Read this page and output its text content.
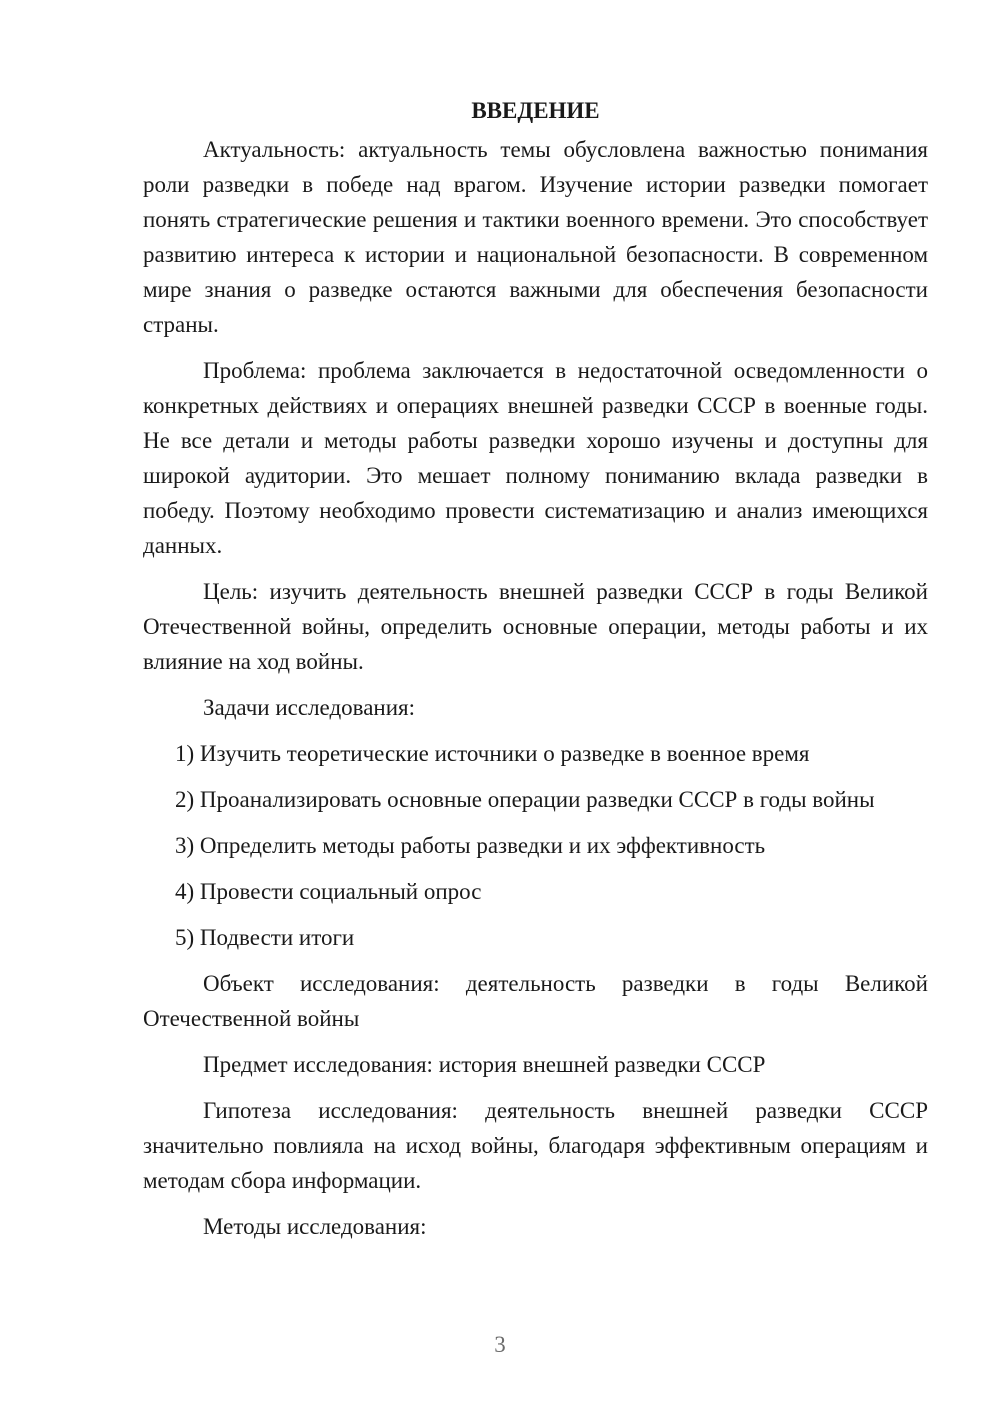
ВВЕДЕНИЕ

Актуальность: актуальность темы обусловлена важностью понимания роли разведки в победе над врагом. Изучение истории разведки помогает понять стратегические решения и тактики военного времени. Это способствует развитию интереса к истории и национальной безопасности. В современном мире знания о разведке остаются важными для обеспечения безопасности страны.

Проблема: проблема заключается в недостаточной осведомленности о конкретных действиях и операциях внешней разведки СССР в военные годы. Не все детали и методы работы разведки хорошо изучены и доступны для широкой аудитории. Это мешает полному пониманию вклада разведки в победу. Поэтому необходимо провести систематизацию и анализ имеющихся данных.

Цель: изучить деятельность внешней разведки СССР в годы Великой Отечественной войны, определить основные операции, методы работы и их влияние на ход войны.

Задачи исследования:

1) Изучить теоретические источники о разведке в военное время

2) Проанализировать основные операции разведки СССР в годы войны

3) Определить методы работы разведки и их эффективность

4) Провести социальный опрос

5) Подвести итоги

Объект исследования: деятельность разведки в годы Великой Отечественной войны

Предмет исследования: история внешней разведки СССР

Гипотеза исследования: деятельность внешней разведки СССР значительно повлияла на исход войны, благодаря эффективным операциям и методам сбора информации.

Методы исследования:

3
